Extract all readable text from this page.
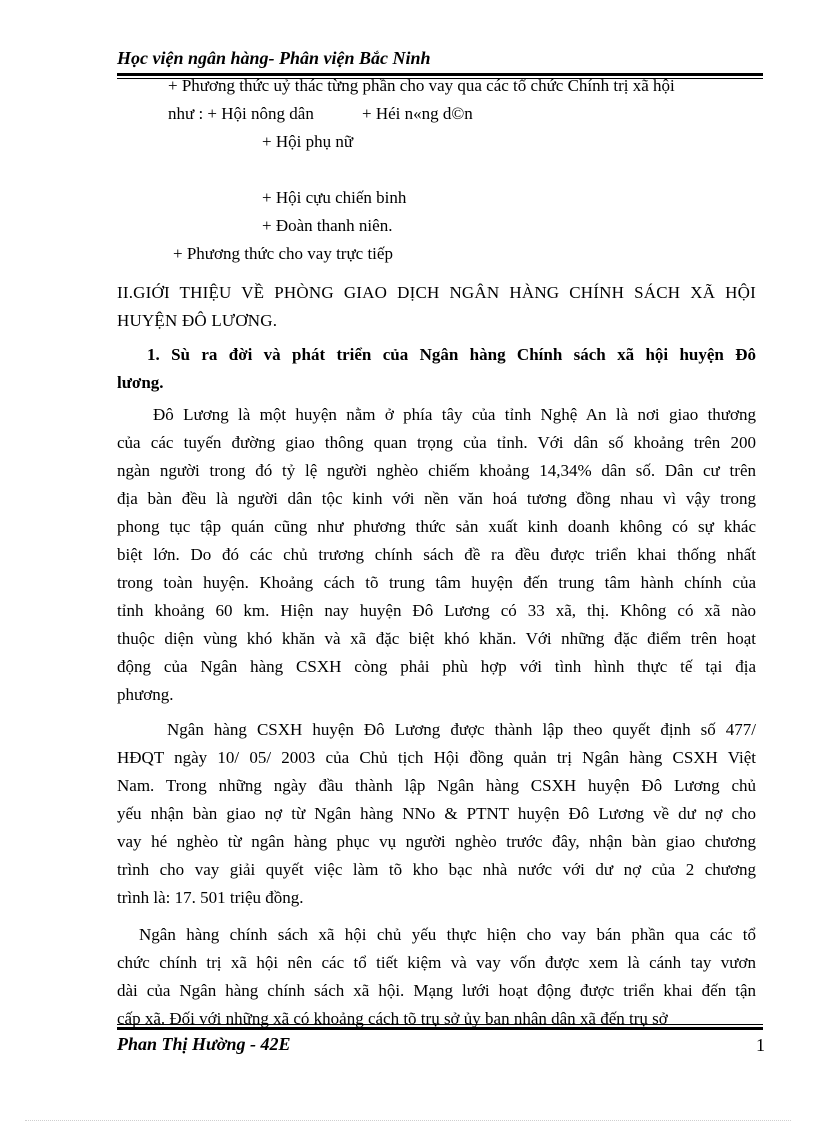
Học viện ngân hàng- Phân viện Bắc Ninh
+ Phương thức uỷ thác từng phần cho vay qua các tổ chức Chính trị xã hội
như : + Hội nông dân	+ Héi n«ng d©n
+ Hội phụ nữ
+ Hội cựu chiến binh
+ Đoàn thanh niên.
+ Phương thức cho vay trực tiếp
II.GIỚI THIỆU VỀ PHÒNG GIAO DỊCH NGÂN HÀNG CHÍNH SÁCH XÃ HỘI
HUYỆN ĐÔ LƯƠNG.
1. Sù ra đời và phát triển của Ngân hàng Chính sách xã hội huyện Đô
lương.
Đô Lương là một huyện nằm ở phía tây của tỉnh Nghệ An là nơi giao thương
của các tuyến đường giao thông quan trọng của tỉnh. Với dân số khoảng trên 200
ngàn người trong đó tỷ lệ người nghèo chiếm khoảng 14,34% dân số. Dân cư trên
địa bàn đều là người dân tộc kinh với nền văn hoá tương đồng nhau vì vậy trong
phong tục tập quán cũng như phương thức sản xuất kinh doanh không có sự khác
biệt lớn. Do đó các chủ trương chính sách đề ra đều được triển khai thống nhất
trong toàn huyện. Khoảng cách tõ trung tâm huyện đến trung tâm hành chính của
tỉnh khoảng 60 km. Hiện nay huyện Đô Lương có 33 xã, thị. Không có xã nào
thuộc diện vùng khó khăn và xã đặc biệt khó khăn. Với những đặc điểm trên hoạt
động của Ngân hàng CSXH còng phải phù hợp với tình hình thực tế tại địa
phương.
Ngân hàng CSXH huyện Đô Lương được thành lập theo quyết định số 477/
HĐQT ngày 10/ 05/ 2003 của Chủ tịch Hội đồng quản trị Ngân hàng CSXH Việt
Nam. Trong những ngày đầu thành lập Ngân hàng CSXH huyện Đô Lương chủ
yếu nhận bàn giao nợ từ Ngân hàng NNo & PTNT huyện Đô Lương về dư nợ cho
vay hé nghèo từ ngân hàng phục vụ người nghèo trước đây, nhận bàn giao chương
trình cho vay giải quyết việc làm tõ kho bạc nhà nước với dư nợ của 2 chương
trình là: 17. 501 triệu đồng.
Ngân hàng chính sách xã hội chủ yếu thực hiện cho vay bán phần qua các tổ
chức chính trị xã hội nên các tổ tiết kiệm và vay vốn được xem là cánh tay vươn
dài của Ngân hàng chính sách xã hội. Mạng lưới hoạt động được triển khai đến tận
cấp xã. Đối với những xã có khoảng cách tõ trụ sở ủy ban nhân dân xã đến trụ sở
Phan Thị Hường - 42E	1
